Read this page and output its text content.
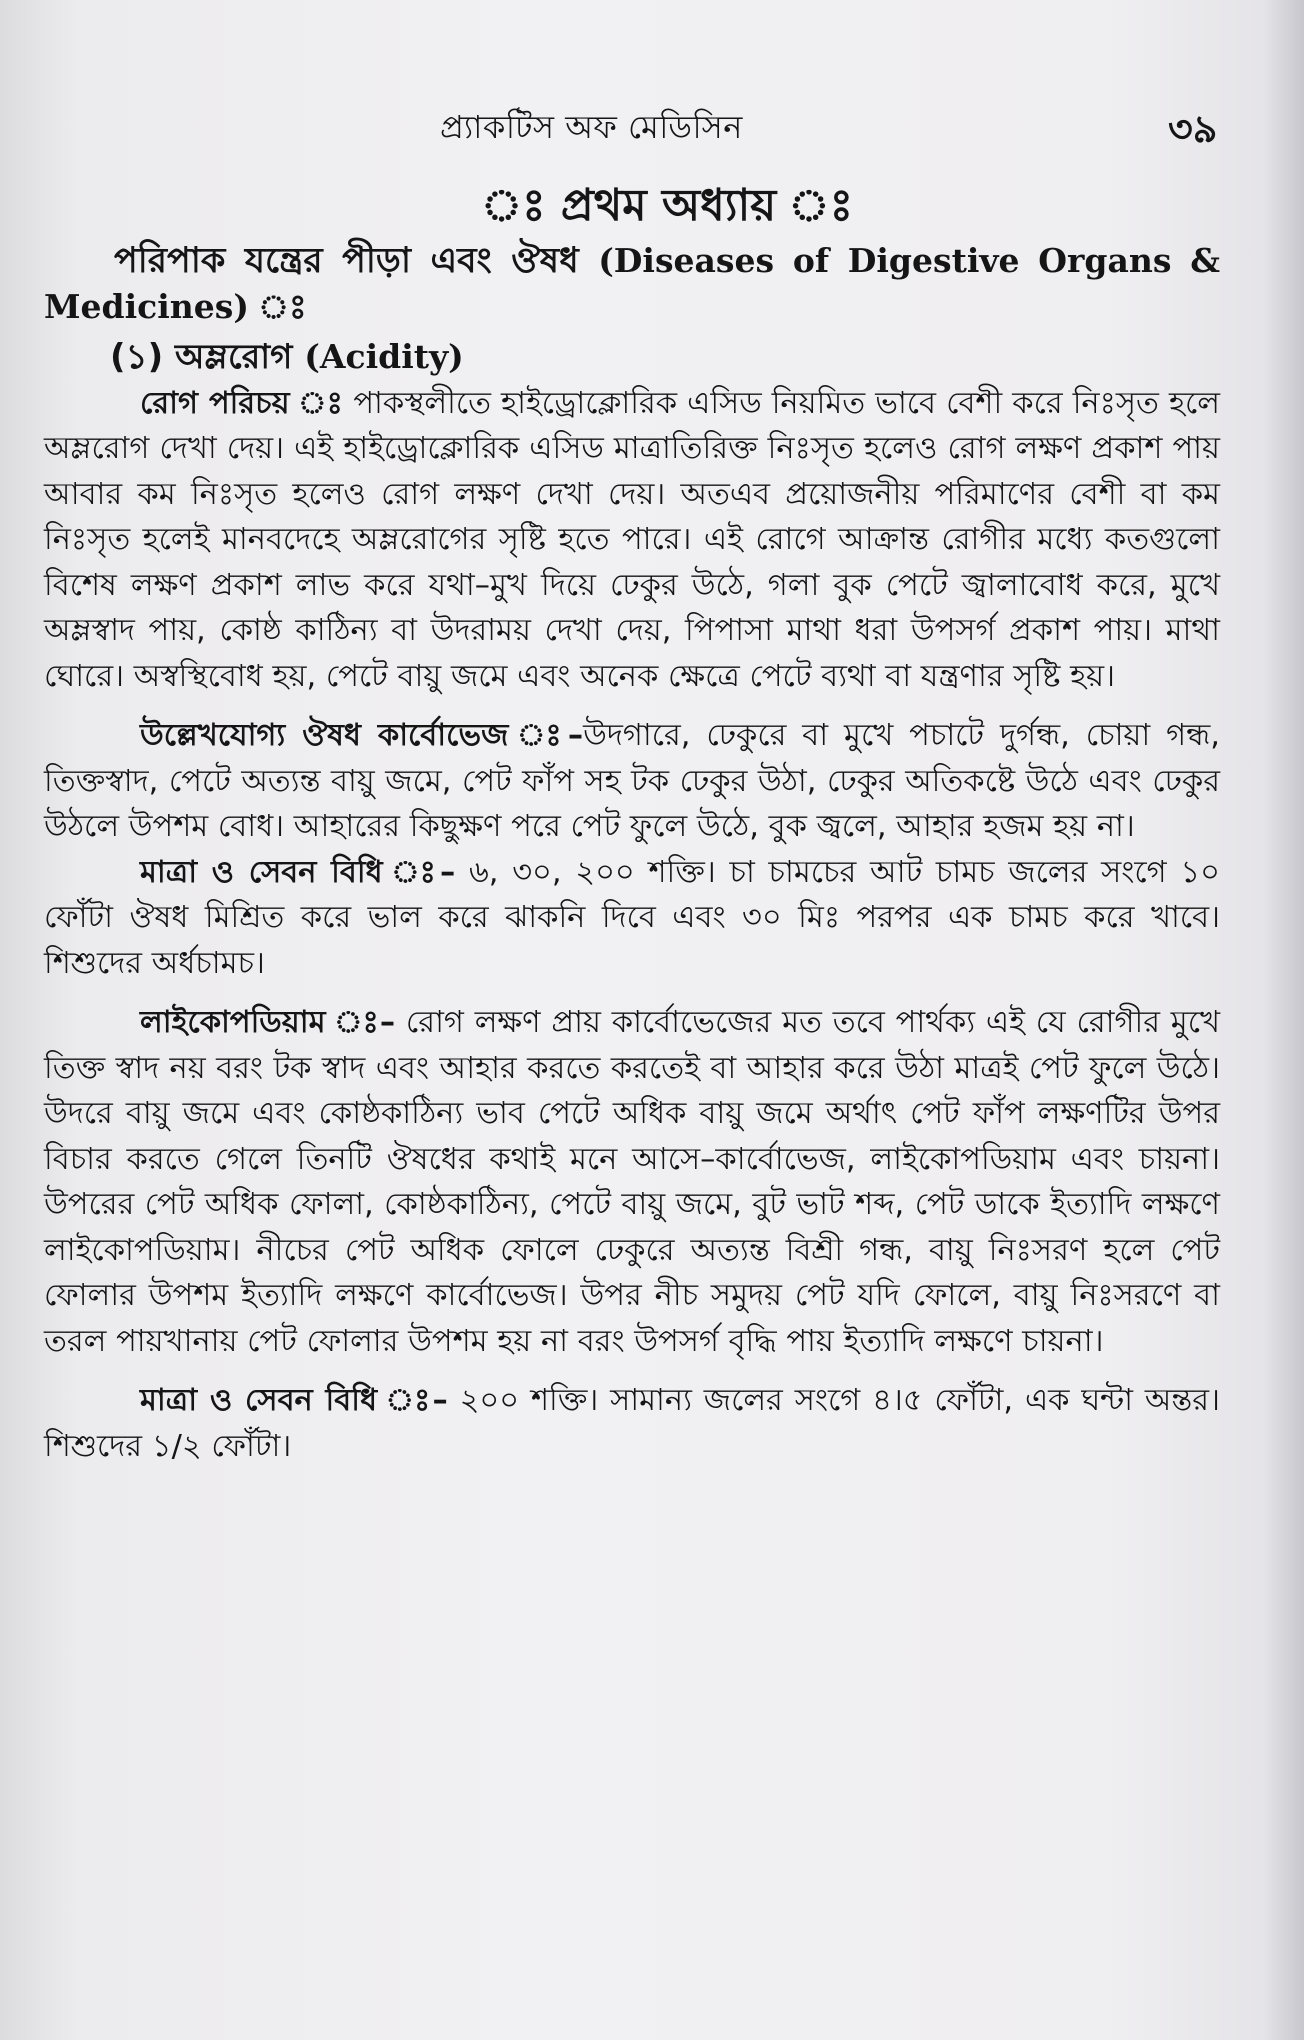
প্র্যাকটিস অফ মেডিসিন	৩৯
ঃ প্রথম অধ্যায় ঃ

পরিপাক যন্ত্রের পীড়া এবং ঔষধ (Diseases of Digestive Organs & Medicines) ঃ

(১) অম্লরোগ (Acidity)

রোগ পরিচয় ঃ পাকস্থলীতে হাইড্রোক্লোরিক এসিড নিয়মিত ভাবে বেশী করে নিঃসৃত হলে অম্লরোগ দেখা দেয়। এই হাইড্রোক্লোরিক এসিড মাত্রাতিরিক্ত নিঃসৃত হলেও রোগ লক্ষণ প্রকাশ পায় আবার কম নিঃসৃত হলেও রোগ লক্ষণ দেখা দেয়। অতএব প্রয়োজনীয় পরিমাণের বেশী বা কম নিঃসৃত হলেই মানবদেহে অম্লরোগের সৃষ্টি হতে পারে। এই রোগে আক্রান্ত রোগীর মধ্যে কতগুলো বিশেষ লক্ষণ প্রকাশ লাভ করে যথা–মুখ দিয়ে ঢেকুর উঠে, গলা বুক পেটে জ্বালাবোধ করে, মুখে অম্লস্বাদ পায়, কোষ্ঠ কাঠিন্য বা উদরাময় দেখা দেয়, পিপাসা মাথা ধরা উপসর্গ প্রকাশ পায়। মাথা ঘোরে। অস্বস্থিবোধ হয়, পেটে বায়ু জমে এবং অনেক ক্ষেত্রে পেটে ব্যথা বা যন্ত্রণার সৃষ্টি হয়।

উল্লেখযোগ্য ঔষধ কার্বোভেজ ঃ–উদগারে, ঢেকুরে বা মুখে পচাটে দুর্গন্ধ, চোয়া গন্ধ, তিক্তস্বাদ, পেটে অত্যন্ত বায়ু জমে, পেট ফাঁপ সহ টক ঢেকুর উঠা, ঢেকুর অতিকষ্টে উঠে এবং ঢেকুর উঠলে উপশম বোধ। আহারের কিছুক্ষণ পরে পেট ফুলে উঠে, বুক জ্বলে, আহার হজম হয় না।

মাত্রা ও সেবন বিধি ঃ– ৬, ৩০, ২০০ শক্তি। চা চামচের আট চামচ জলের সংগে ১০ ফোঁটা ঔষধ মিশ্রিত করে ভাল করে ঝাকনি দিবে এবং ৩০ মিঃ পরপর এক চামচ করে খাবে। শিশুদের অর্ধচামচ।

লাইকোপডিয়াম ঃ– রোগ লক্ষণ প্রায় কার্বোভেজের মত তবে পার্থক্য এই যে রোগীর মুখে তিক্ত স্বাদ নয় বরং টক স্বাদ এবং আহার করতে করতেই বা আহার করে উঠা মাত্রই পেট ফুলে উঠে। উদরে বায়ু জমে এবং কোষ্ঠকাঠিন্য ভাব পেটে অধিক বায়ু জমে অর্থাৎ পেট ফাঁপ লক্ষণটির উপর বিচার করতে গেলে তিনটি ঔষধের কথাই মনে আসে–কার্বোভেজ, লাইকোপডিয়াম এবং চায়না। উপরের পেট অধিক ফোলা, কোষ্ঠকাঠিন্য, পেটে বায়ু জমে, বুট ভাট শব্দ, পেট ডাকে ইত্যাদি লক্ষণে লাইকোপডিয়াম। নীচের পেট অধিক ফোলে ঢেকুরে অত্যন্ত বিশ্রী গন্ধ, বায়ু নিঃসরণ হলে পেট ফোলার উপশম ইত্যাদি লক্ষণে কার্বোভেজ। উপর নীচ সমুদয় পেট যদি ফোলে, বায়ু নিঃসরণে বা তরল পায়খানায় পেট ফোলার উপশম হয় না বরং উপসর্গ বৃদ্ধি পায় ইত্যাদি লক্ষণে চায়না।

মাত্রা ও সেবন বিধি ঃ– ২০০ শক্তি। সামান্য জলের সংগে ৪।৫ ফোঁটা, এক ঘন্টা অন্তর। শিশুদের ১/২ ফোঁটা।
